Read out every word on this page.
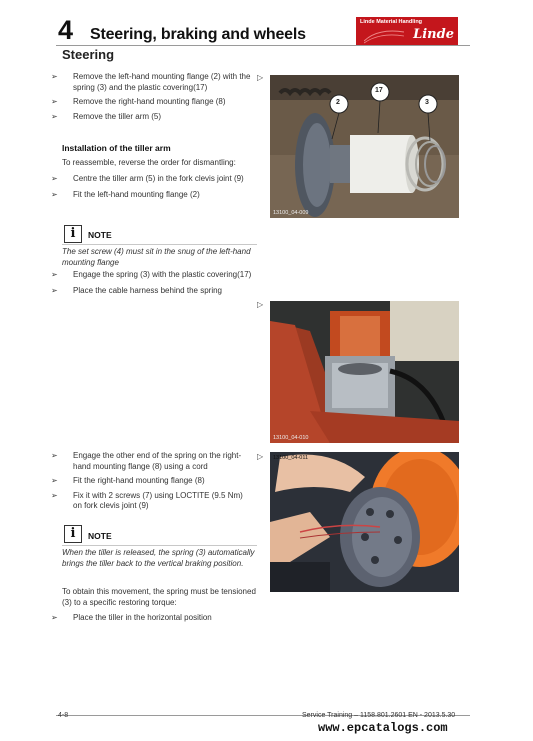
4 Steering, braking and wheels
Linde Material Handling
Linde
Steering
➢ Remove the left-hand mounting flange (2) with the spring (3) and the plastic covering(17)
➢ Remove the right-hand mounting flange (8)
➢ Remove the tiller arm (5)
▷
Installation of the tiller arm
To reassemble, reverse the order for dismantling:
➢ Centre the tiller arm (5) in the fork clevis joint (9)
➢ Fit the left-hand mounting flange (2)
i	NOTE
The set screw (4) must sit in the snug of the left-hand mounting flange
➢ Engage the spring (3) with the plastic covering(17)
➢ Place the cable harness behind the spring
▷
➢ Engage the other end of the spring on the right-hand mounting flange (8) using a cord
➢ Fit the right-hand mounting flange (8)
➢ Fix it with 2 screws (7) using LOCTITE (9.5 Nm) on fork clevis joint (9)
▷
i	NOTE
When the tiller is released, the spring (3) automatically brings the tiller back to the vertical braking position.
To obtain this movement, the spring must be tensioned (3) to a specific restoring torque:
➢ Place the tiller in the horizontal position
2
17
3
13100_04-009
13100_04-010
13100_04-011
4-8	Service Training – 1158.801.2601 EN - 2013.5.30
www.epcatalogs.com
